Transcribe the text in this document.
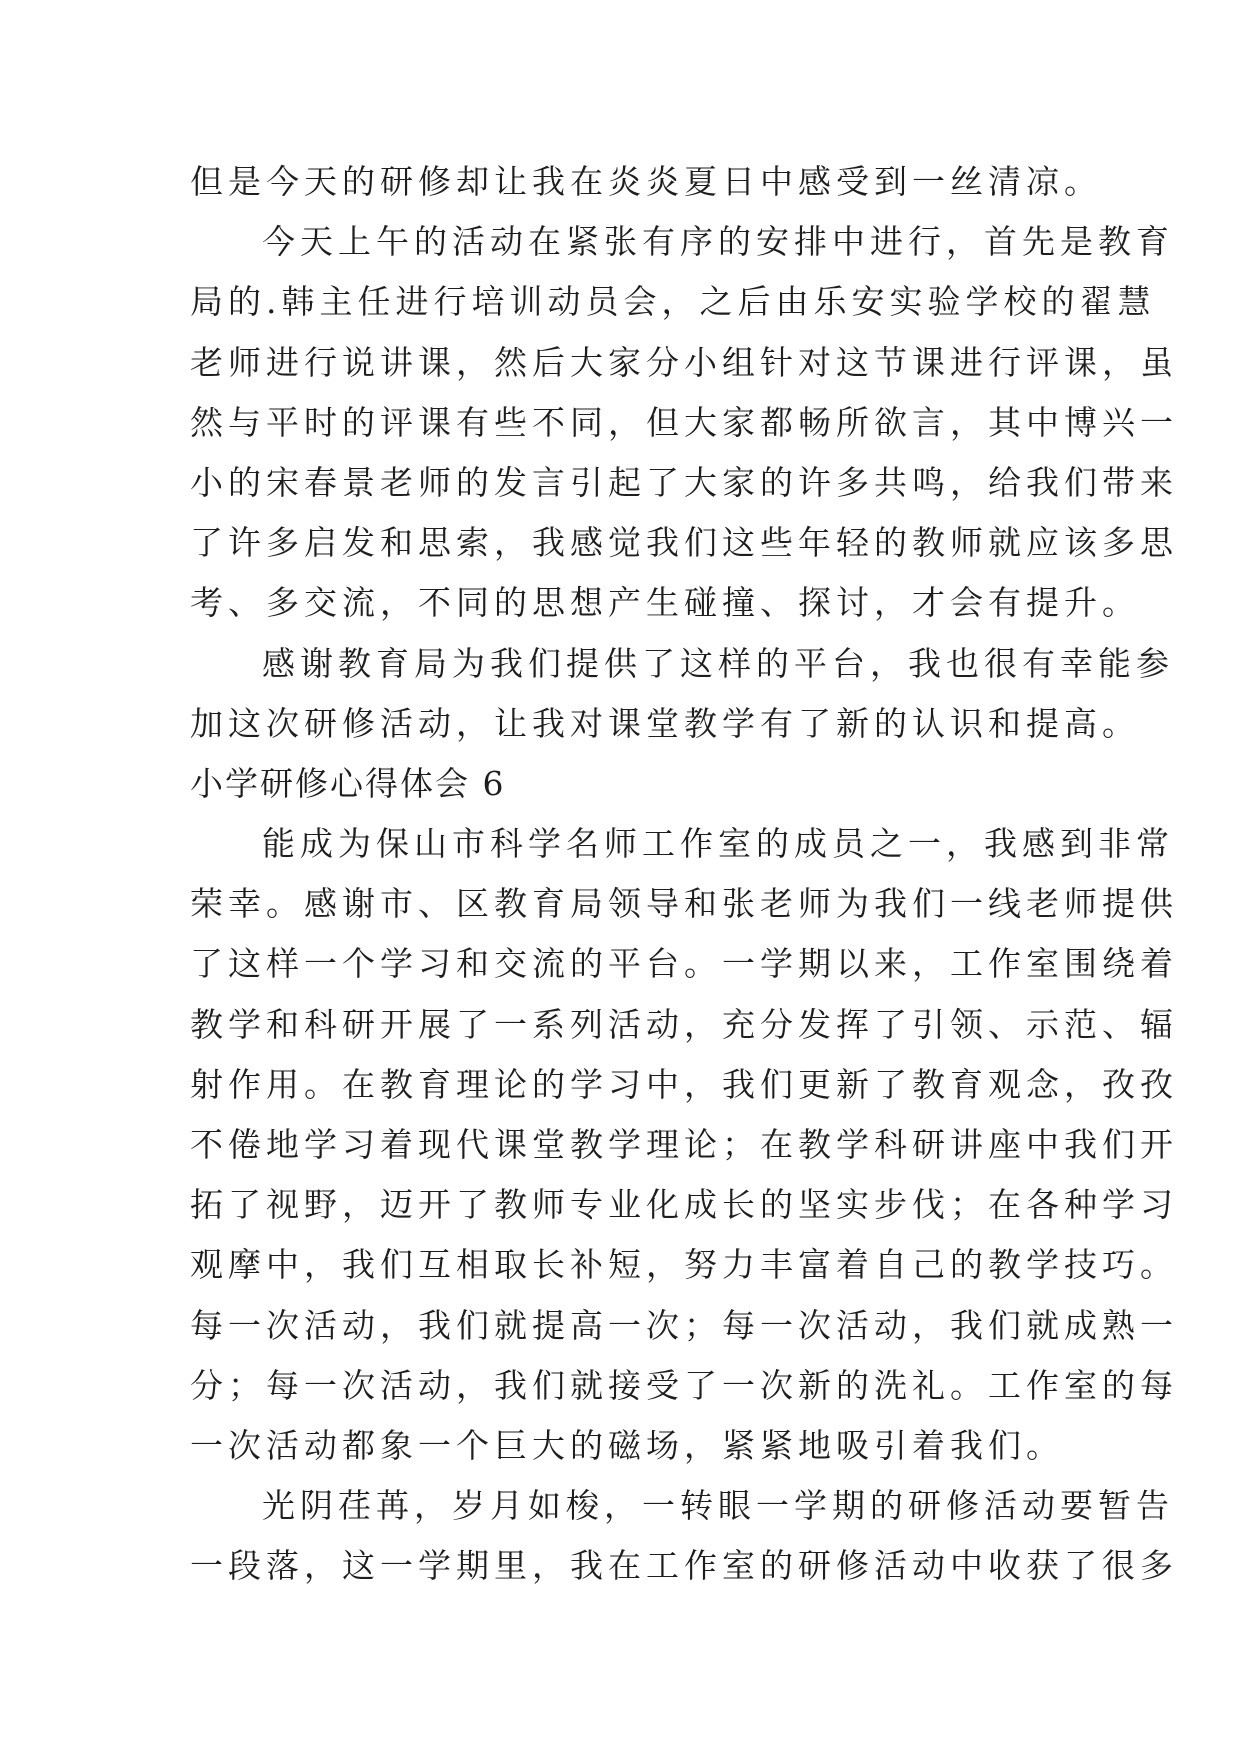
但是今天的研修却让我在炎炎夏日中感受到一丝清凉。
今天上午的活动在紧张有序的安排中进行，首先是教育
局的.韩主任进行培训动员会，之后由乐安实验学校的翟慧
老师进行说讲课，然后大家分小组针对这节课进行评课，虽
然与平时的评课有些不同，但大家都畅所欲言，其中博兴一
小的宋春景老师的发言引起了大家的许多共鸣，给我们带来
了许多启发和思索，我感觉我们这些年轻的教师就应该多思
考、多交流，不同的思想产生碰撞、探讨，才会有提升。
感谢教育局为我们提供了这样的平台，我也很有幸能参
加这次研修活动，让我对课堂教学有了新的认识和提高。
小学研修心得体会 6
能成为保山市科学名师工作室的成员之一，我感到非常
荣幸。感谢市、区教育局领导和张老师为我们一线老师提供
了这样一个学习和交流的平台。一学期以来，工作室围绕着
教学和科研开展了一系列活动，充分发挥了引领、示范、辐
射作用。在教育理论的学习中，我们更新了教育观念，孜孜
不倦地学习着现代课堂教学理论；在教学科研讲座中我们开
拓了视野，迈开了教师专业化成长的坚实步伐；在各种学习
观摩中，我们互相取长补短，努力丰富着自己的教学技巧。
每一次活动，我们就提高一次；每一次活动，我们就成熟一
分；每一次活动，我们就接受了一次新的洗礼。工作室的每
一次活动都象一个巨大的磁场，紧紧地吸引着我们。
光阴荏苒，岁月如梭，一转眼一学期的研修活动要暂告
一段落，这一学期里，我在工作室的研修活动中收获了很多
